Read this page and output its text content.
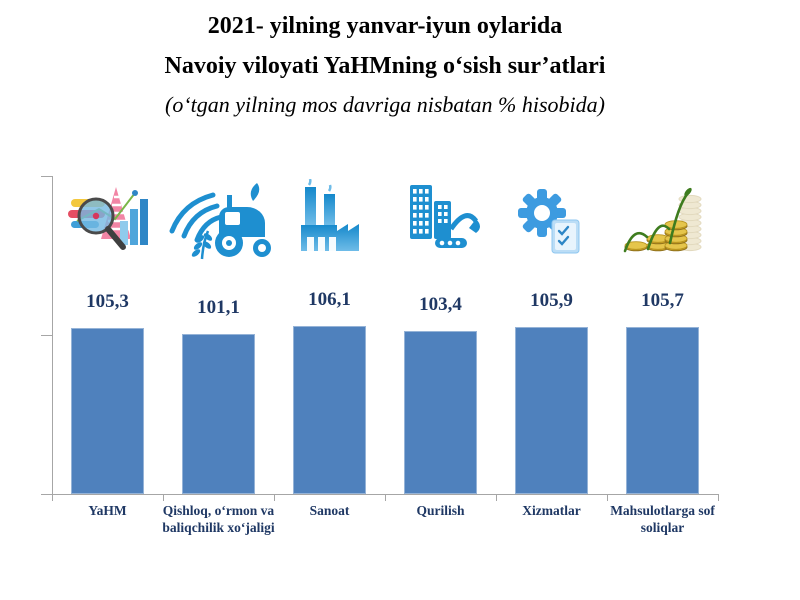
2021- yilning yanvar-iyun oylarida
Navoiy viloyati YaHMning o‘sish sur’atlari
(o‘tgan yilning mos davriga nisbatan % hisobida)
105,3
YaHM
101,1
Qishloq, o‘rmon va baliqchilik xo‘jaligi
106,1
Sanoat
103,4
Qurilish
105,9
Xizmatlar
105,7
Mahsulotlarga sof soliqlar
